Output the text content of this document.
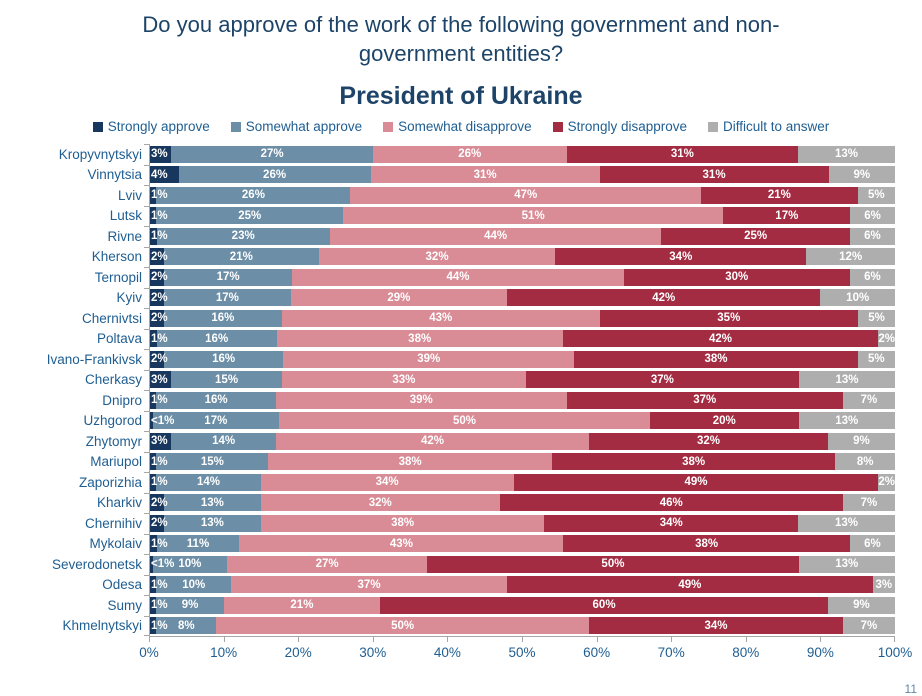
Do you approve of the work of the following government and non-
government entities?
President of Ukraine
Strongly approve	Somewhat approve	Somewhat disapprove	Strongly disapprove	Difficult to answer
Kropyvnytskyi 3%	27%	26%	31%	13%
Vinnytsia 4%	26%	31%	31%	9%
Lviv 1%	26%	47%	21%	5%
Lutsk 1%	25%	51%	17%	6%
Rivne 1%	23%	44%	25%	6%
Kherson 2%	21%	32%	34%	12%
Ternopil 2%	17%	44%	30%	6%
Kyiv 2%	17%	29%	42%	10%
Chernivtsi 2%	16%	43%	35%	5%
Poltava 1%	16%	38%	42%	2%
Ivano-Frankivsk 2%	16%	39%	38%	5%
Cherkasy 3%	15%	33%	37%	13%
Dnipro 1%	16%	39%	37%	7%
Uzhgorod <1%	17%	50%	20%	13%
Zhytomyr 3%	14%	42%	32%	9%
Mariupol 1%	15%	38%	38%	8%
Zaporizhia 1%	14%	34%	49%	2%
Kharkiv 2%	13%	32%	46%	7%
Chernihiv 2%	13%	38%	34%	13%
Mykolaiv 1% 11%	43%	38%	6%
Severodonetsk <1% 10%	27%	50%	13%
Odesa 1% 10%	37%	49%	3%
Sumy 1% 9%	21%	60%	9%
Khmelnytskyi 1% 8%	50%	34%	7%
0%	10%	20%	30%	40%	50%	60%	70%	80%	90%	100%
11
